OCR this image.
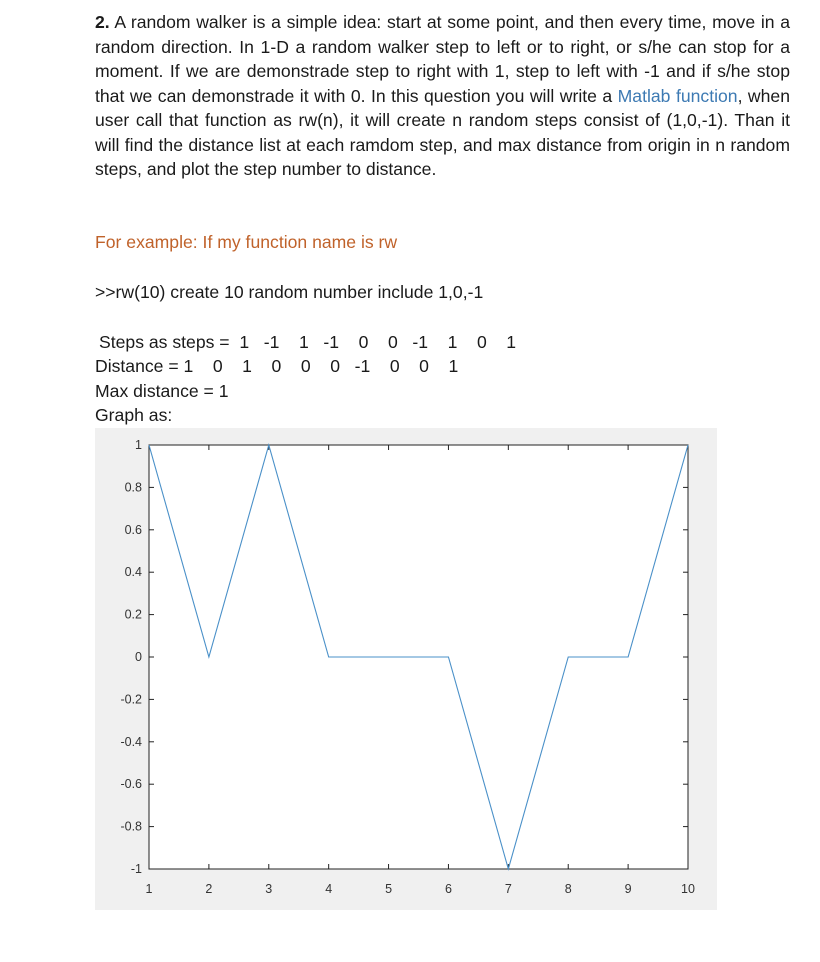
2. A random walker is a simple idea: start at some point, and then every time, move in a random direction. In 1-D a random walker step to left or to right, or s/he can stop for a moment. If we are demonstrade step to right with 1, step to left with -1 and if s/he stop that we can demonstrade it with 0. In this question you will write a Matlab function, when user call that function as rw(n), it will create n random steps consist of (1,0,-1). Than it will find the distance list at each ramdom step, and max distance from origin in n random steps, and plot the step number to distance.

For example: If my function name is rw

>>rw(10) create 10 random number include 1,0,-1

Steps as steps =  1   -1    1   -1    0    0   -1    1    0    1

Distance = 1    0    1    0    0    0   -1    0    0    1

Max distance = 1

Graph as:

1
0.8
0.6
0.4
0.2
0
-0.2
-0.4
-0.6
-0.8
-1
1	2	3	4	5	6	7	8	9	10
